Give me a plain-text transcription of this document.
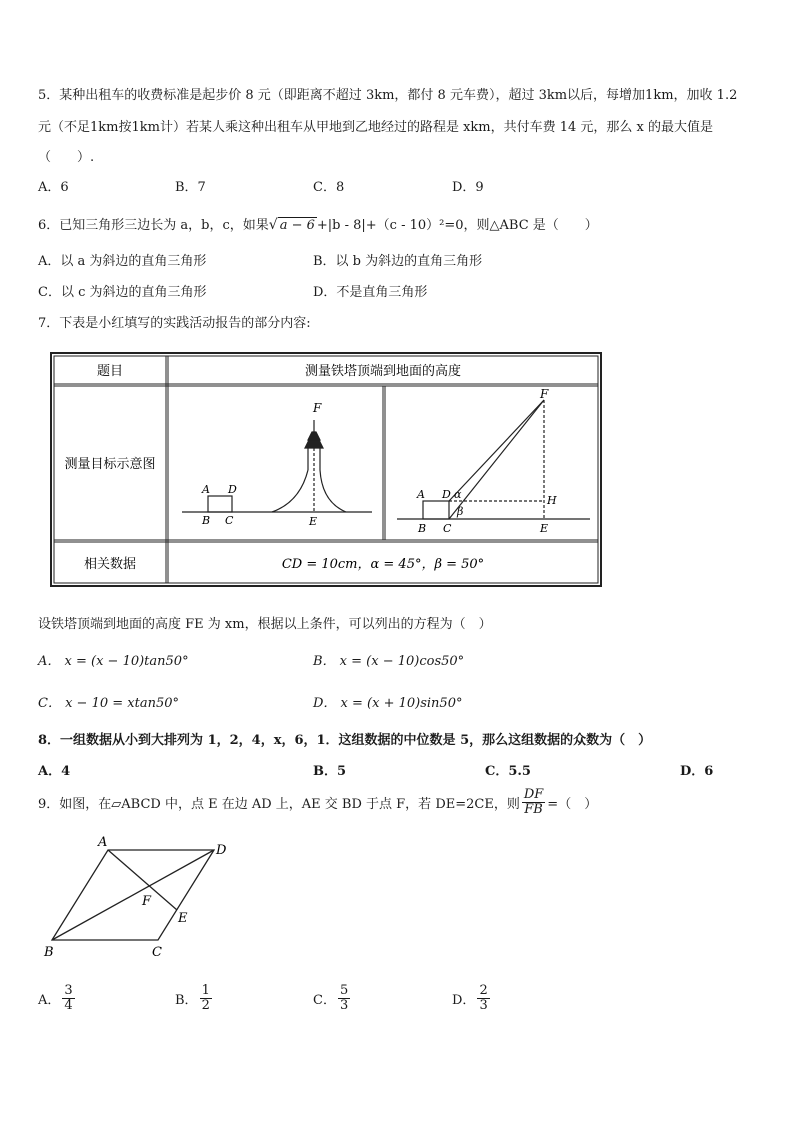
5．某种出租车的收费标准是起步价 8 元（即距离不超过 3km，都付 8 元车费），超过 3km以后，每增加1km，加收 1.2
元（不足1km按1km计）若某人乘这种出租车从甲地到乙地经过的路程是 xkm，共付车费 14 元，那么 x 的最大值是
（　　）.
A．6	B．7	C．8	D．9
6．已知三角形三边长为 a，b，c，如果√ a − 6 +|b - 8|+（c - 10）²=0，则△ABC 是（　　）
A．以 a 为斜边的直角三角形	B．以 b 为斜边的直角三角形
C．以 c 为斜边的直角三角形	D．不是直角三角形
7．下表是小红填写的实践活动报告的部分内容:
题目	测量铁塔顶端到地面的高度
测量目标示意图
相关数据	CD = 10cm，α = 45°，β = 50°
F
A D
B C	E
F
A D α	H
β
B C	E
设铁塔顶端到地面的高度 FE 为 xm，根据以上条件，可以列出的方程为（　）
A． x = (x − 10)tan50°	B． x = (x − 10)cos50°
C． x − 10 = xtan50°	D． x = (x + 10)sin50°
8．一组数据从小到大排列为 1，2，4，x，6，1．这组数据的中位数是 5，那么这组数据的众数为（　）
A．4	B．5	C．5.5	D．6
9．如图，在▱ABCD 中，点 E 在边 AD 上，AE 交 BD 于点 F，若 DE=2CE，则 $\frac{DF}{FB}$ =（　）
A
D
F
E
B	C
A． $\frac{3}{4}$	B． $\frac{1}{2}$	C． $\frac{5}{3}$	D． $\frac{2}{3}$
